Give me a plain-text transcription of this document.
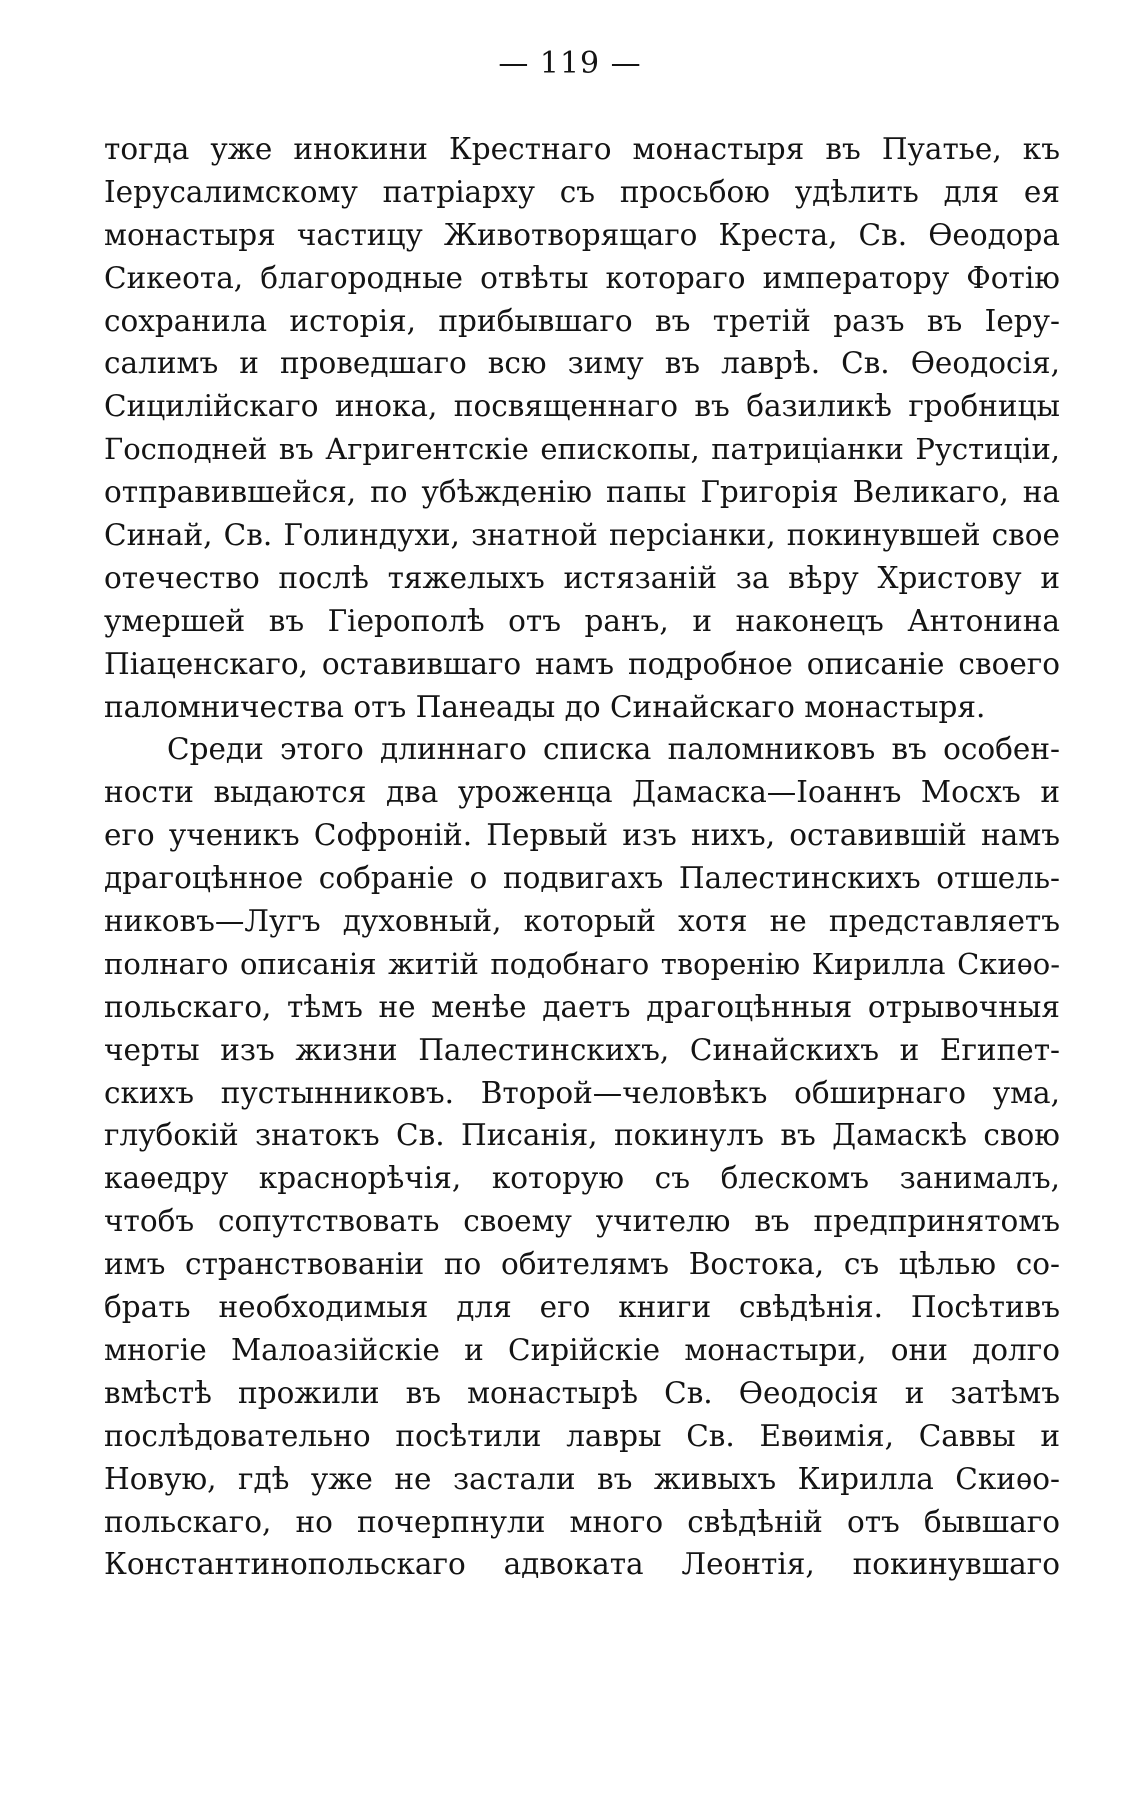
— 119 —
тогда уже инокини Крестнаго монастыря въ Пуатье, къ
Іерусалимскому патріарху съ просьбою удѣлить для ея
монастыря частицу Животворящаго Креста, Св. Ѳеодора
Сикеота, благородные отвѣты котораго императору Фотію
сохранила исторія, прибывшаго въ третій разъ въ Іеру-
салимъ и проведшаго всю зиму въ лаврѣ. Св. Ѳеодосія,
Сицилійскаго инока, посвященнаго въ базиликѣ гробницы
Господней въ Агригентскіе епископы, патриціанки Рустиціи,
отправившейся, по убѣжденію папы Григорія Великаго, на
Синай, Св. Голиндухи, знатной персіанки, покинувшей свое
отечество послѣ тяжелыхъ истязаній за вѣру Христову и
умершей въ Гіерополѣ отъ ранъ, и наконецъ Антонина
Піаценскаго, оставившаго намъ подробное описаніе своего
паломничества отъ Панеады до Синайскаго монастыря.
Среди этого длиннаго списка паломниковъ въ особен-
ности выдаются два уроженца Дамаска—Іоаннъ Мосхъ и
его ученикъ Софроній. Первый изъ нихъ, оставившій намъ
драгоцѣнное собраніе о подвигахъ Палестинскихъ отшель-
никовъ—Лугъ духовный, который хотя не представляетъ
полнаго описанія житій подобнаго творенію Кирилла Скиѳо-
польскаго, тѣмъ не менѣе даетъ драгоцѣнныя отрывочныя
черты изъ жизни Палестинскихъ, Синайскихъ и Египет-
скихъ пустынниковъ. Второй—человѣкъ обширнаго ума,
глубокій знатокъ Св. Писанія, покинулъ въ Дамаскѣ свою
каѳедру краснорѣчія, которую съ блескомъ занималъ,
чтобъ сопутствовать своему учителю въ предпринятомъ
имъ странствованіи по обителямъ Востока, съ цѣлью со-
брать необходимыя для его книги свѣдѣнія. Посѣтивъ
многіе Малоазійскіе и Сирійскіе монастыри, они долго
вмѣстѣ прожили въ монастырѣ Св. Ѳеодосія и затѣмъ
послѣдовательно посѣтили лавры Св. Евѳимія, Саввы и
Новую, гдѣ уже не застали въ живыхъ Кирилла Скиѳо-
польскаго, но почерпнули много свѣдѣній отъ бывшаго
Константинопольскаго адвоката Леонтія, покинувшаго
